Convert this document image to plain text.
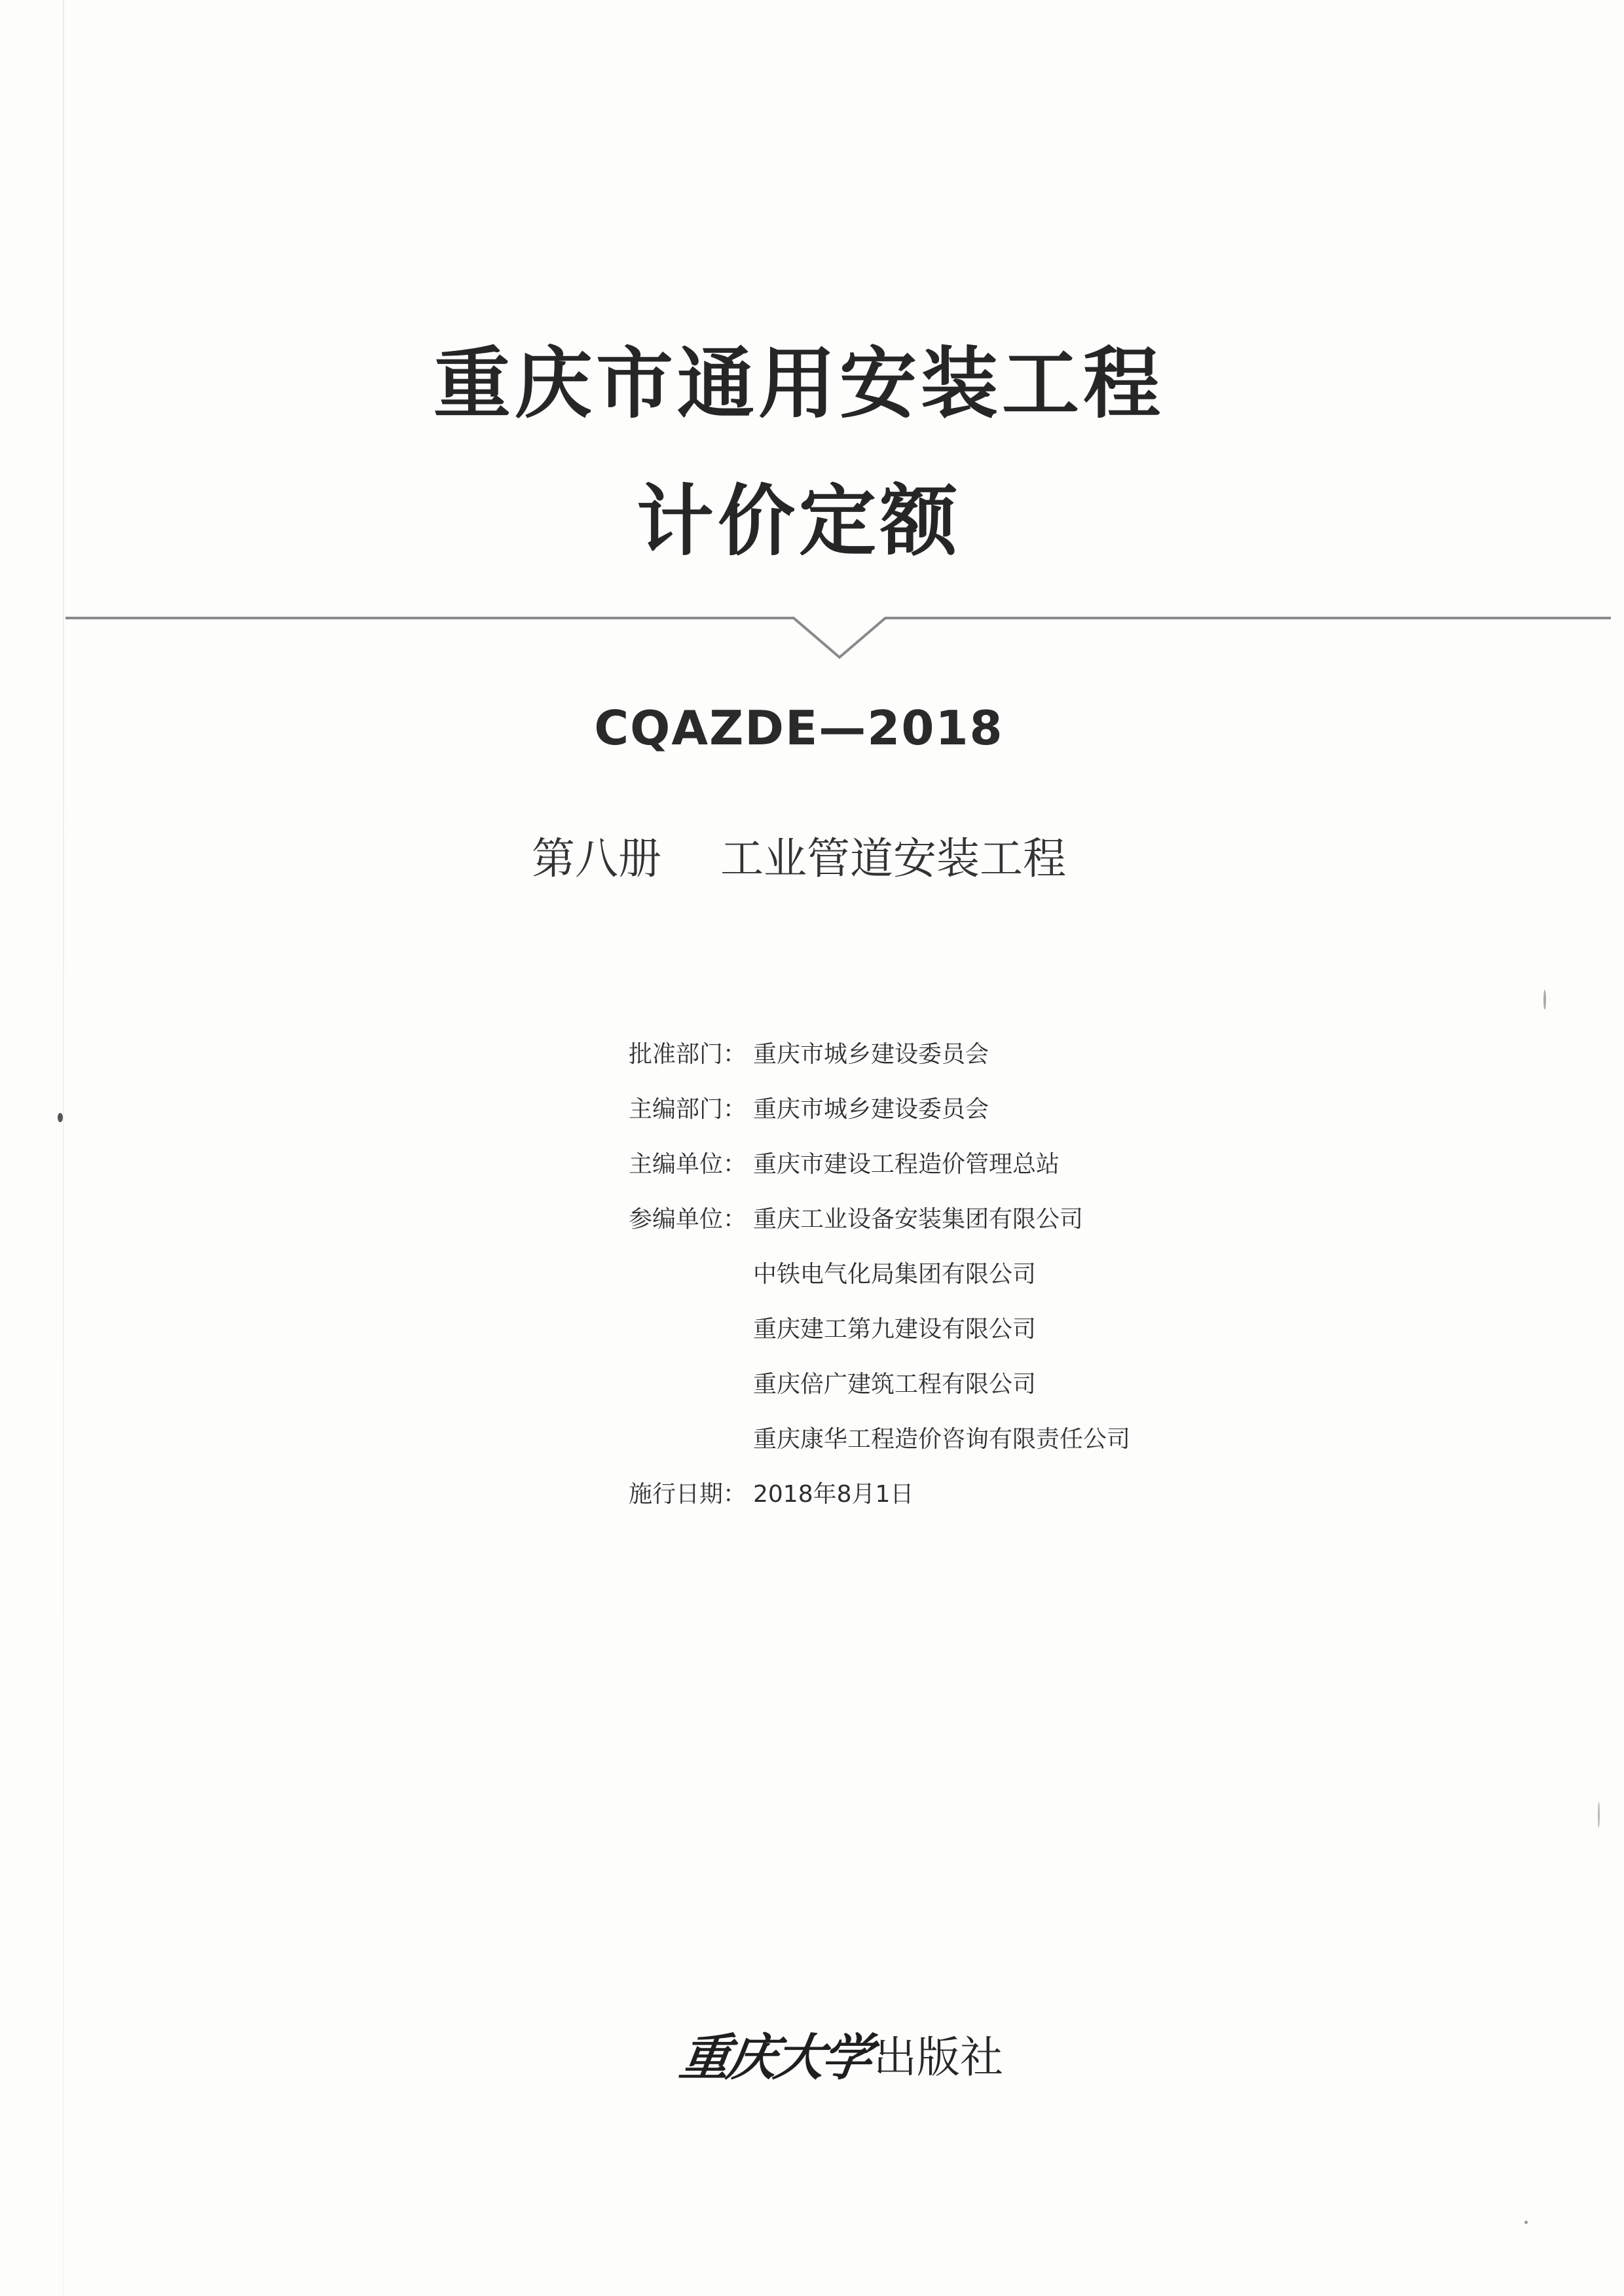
重庆市通用安装工程
计价定额
CQAZDE—2018
第八册 工业管道安装工程
批准部门： 重庆市城乡建设委员会
主编部门： 重庆市城乡建设委员会
主编单位： 重庆市建设工程造价管理总站
参编单位： 重庆工业设备安装集团有限公司
中铁电气化局集团有限公司
重庆建工第九建设有限公司
重庆倍广建筑工程有限公司
重庆康华工程造价咨询有限责任公司
施行日期： 2018年8月1日
重庆大学 出版社
